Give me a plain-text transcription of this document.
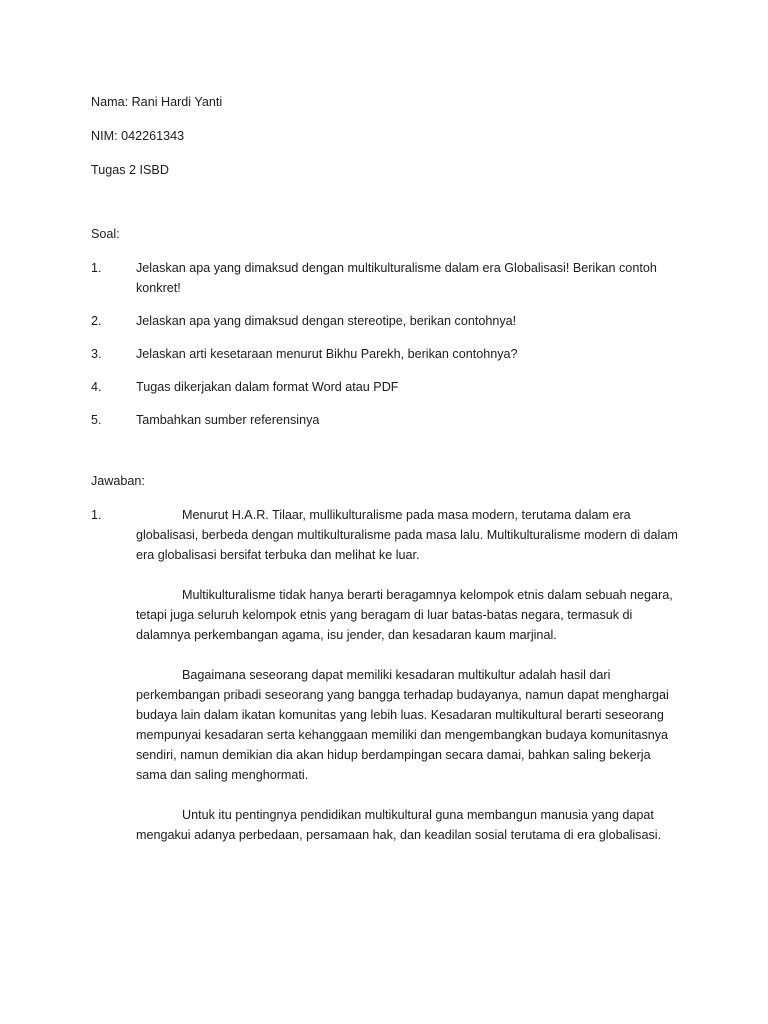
Nama: Rani Hardi Yanti

NIM: 042261343

Tugas 2 ISBD

Soal:

1.	Jelaskan apa yang dimaksud dengan multikulturalisme dalam era Globalisasi! Berikan contoh konkret!
2.	Jelaskan apa yang dimaksud dengan stereotipe, berikan contohnya!
3.	Jelaskan arti kesetaraan menurut Bikhu Parekh, berikan contohnya?
4.	Tugas dikerjakan dalam format Word atau PDF
5.	Tambahkan sumber referensinya

Jawaban:

1.	Menurut H.A.R. Tilaar, mullikulturalisme pada masa modern, terutama dalam era globalisasi, berbeda dengan multikulturalisme pada masa lalu. Multikulturalisme modern di dalam era globalisasi bersifat terbuka dan melihat ke luar.

Multikulturalisme tidak hanya berarti beragamnya kelompok etnis dalam sebuah negara, tetapi juga seluruh kelompok etnis yang beragam di luar batas-batas negara, termasuk di dalamnya perkembangan agama, isu jender, dan kesadaran kaum marjinal.

Bagaimana seseorang dapat memiliki kesadaran multikultur adalah hasil dari perkembangan pribadi seseorang yang bangga terhadap budayanya, namun dapat menghargai budaya lain dalam ikatan komunitas yang lebih luas. Kesadaran multikultural berarti seseorang mempunyai kesadaran serta kehanggaan memiliki dan mengembangkan budaya komunitasnya sendiri, namun demikian dia akan hidup berdampingan secara damai, bahkan saling bekerja sama dan saling menghormati.

Untuk itu pentingnya pendidikan multikultural guna membangun manusia yang dapat mengakui adanya perbedaan, persamaan hak, dan keadilan sosial terutama di era globalisasi.
